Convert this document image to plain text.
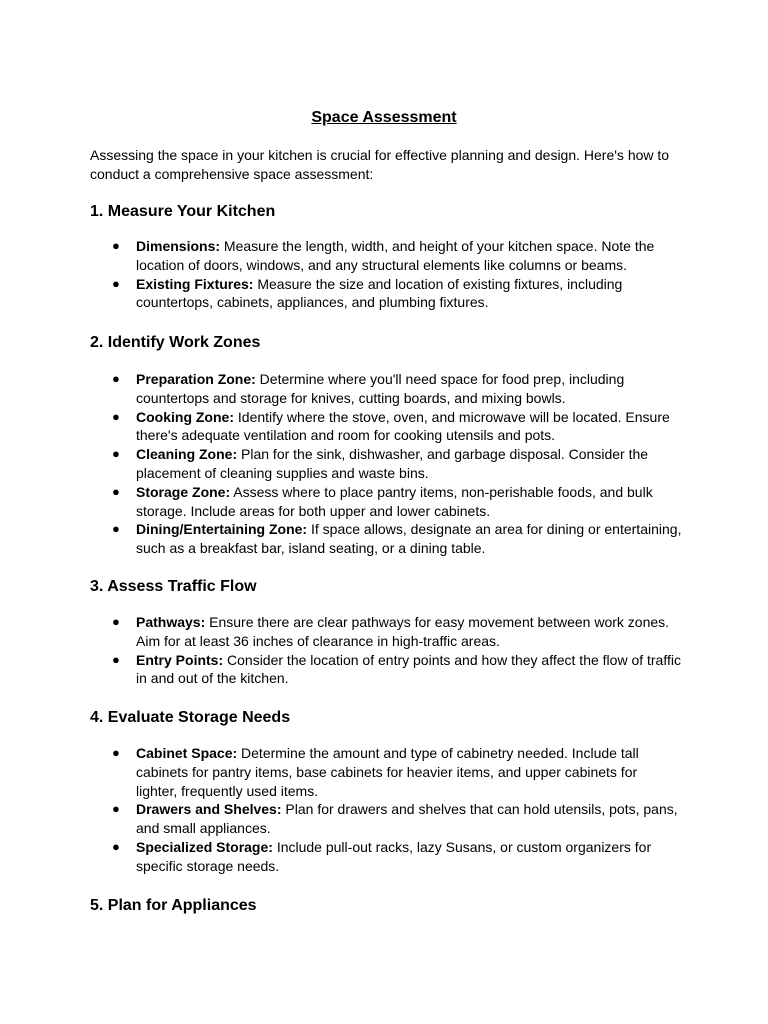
Space Assessment
Assessing the space in your kitchen is crucial for effective planning and design. Here's how to conduct a comprehensive space assessment:
1. Measure Your Kitchen
● Dimensions: Measure the length, width, and height of your kitchen space. Note the location of doors, windows, and any structural elements like columns or beams.
● Existing Fixtures: Measure the size and location of existing fixtures, including countertops, cabinets, appliances, and plumbing fixtures.
2. Identify Work Zones
● Preparation Zone: Determine where you'll need space for food prep, including countertops and storage for knives, cutting boards, and mixing bowls.
● Cooking Zone: Identify where the stove, oven, and microwave will be located. Ensure there's adequate ventilation and room for cooking utensils and pots.
● Cleaning Zone: Plan for the sink, dishwasher, and garbage disposal. Consider the placement of cleaning supplies and waste bins.
● Storage Zone: Assess where to place pantry items, non-perishable foods, and bulk storage. Include areas for both upper and lower cabinets.
● Dining/Entertaining Zone: If space allows, designate an area for dining or entertaining, such as a breakfast bar, island seating, or a dining table.
3. Assess Traffic Flow
● Pathways: Ensure there are clear pathways for easy movement between work zones. Aim for at least 36 inches of clearance in high-traffic areas.
● Entry Points: Consider the location of entry points and how they affect the flow of traffic in and out of the kitchen.
4. Evaluate Storage Needs
● Cabinet Space: Determine the amount and type of cabinetry needed. Include tall cabinets for pantry items, base cabinets for heavier items, and upper cabinets for lighter, frequently used items.
● Drawers and Shelves: Plan for drawers and shelves that can hold utensils, pots, pans, and small appliances.
● Specialized Storage: Include pull-out racks, lazy Susans, or custom organizers for specific storage needs.
5. Plan for Appliances
